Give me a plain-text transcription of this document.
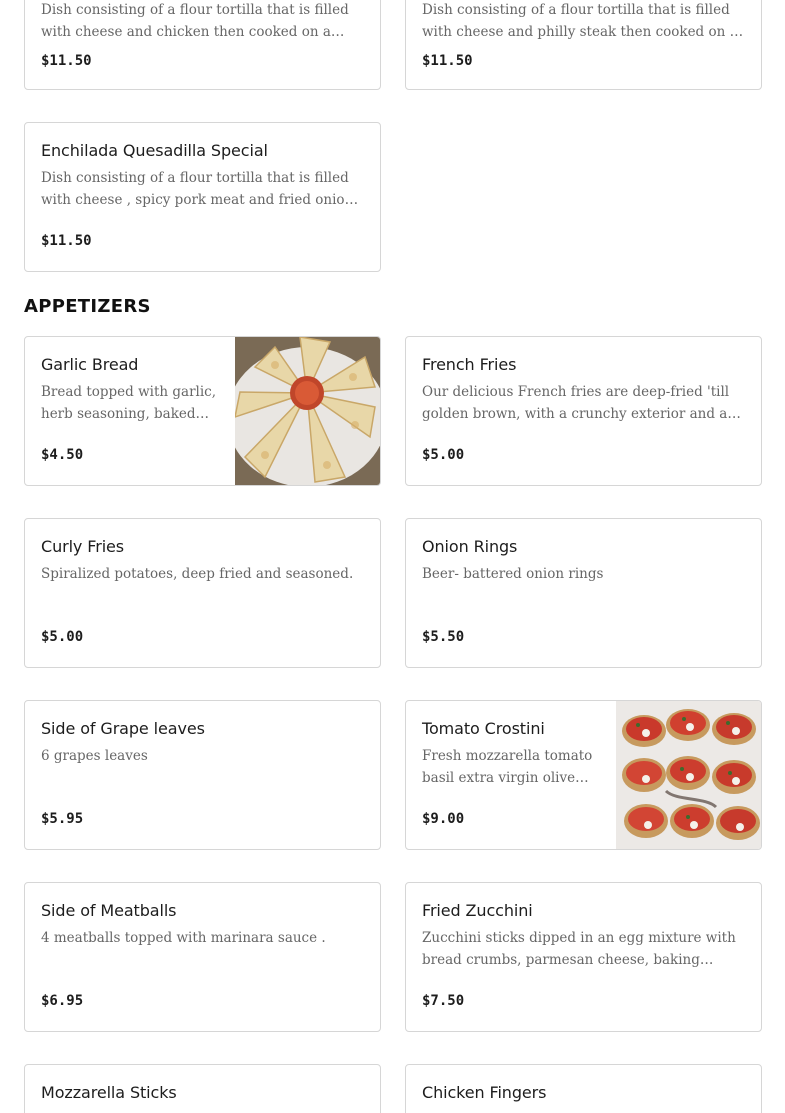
Dish consisting of a flour tortilla that is filled with cheese and chicken then cooked on a
$11.50
Dish consisting of a flour tortilla that is filled with cheese and philly steak then cooked on a
$11.50
Enchilada Quesadilla Special
Dish consisting of a flour tortilla that is filled with cheese , spicy pork meat and fried onions
$11.50
APPETIZERS
Garlic Bread
Bread topped with garlic, herb seasoning, baked
$4.50
French Fries
Our delicious French fries are deep-fried 'till golden brown, with a crunchy exterior and a
$5.00
Curly Fries
Spiralized potatoes, deep fried and seasoned.
$5.00
Onion Rings
Beer- battered onion rings
$5.50
Side of Grape leaves
6 grapes leaves
$5.95
Tomato Crostini
Fresh mozzarella tomato basil extra virgin olive
$9.00
Side of Meatballs
4 meatballs topped with marinara sauce .
$6.95
Fried Zucchini
Zucchini sticks dipped in an egg mixture with bread crumbs, parmesan cheese, baking
$7.50
Mozzarella Sticks	Chicken Fingers
